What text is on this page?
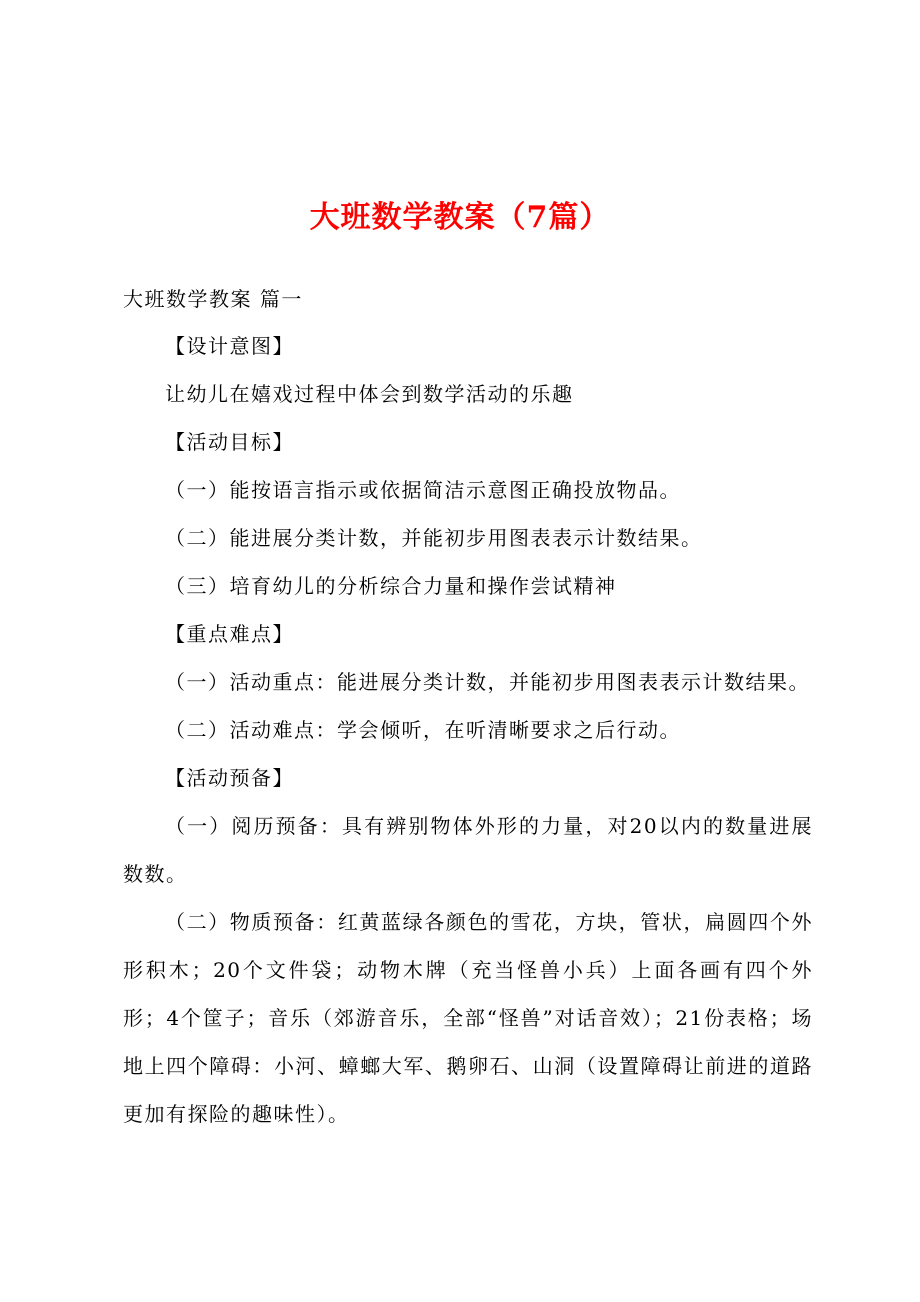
大班数学教案（7篇）
大班数学教案 篇一
【设计意图】
让幼儿在嬉戏过程中体会到数学活动的乐趣
【活动目标】
（一）能按语言指示或依据简洁示意图正确投放物品。
（二）能进展分类计数，并能初步用图表表示计数结果。
（三）培育幼儿的分析综合力量和操作尝试精神
【重点难点】
（一）活动重点：能进展分类计数，并能初步用图表表示计数结果。
（二）活动难点：学会倾听，在听清晰要求之后行动。
【活动预备】
（一）阅历预备：具有辨别物体外形的力量，对20以内的数量进展数数。
（二）物质预备：红黄蓝绿各颜色的雪花，方块，管状，扁圆四个外形积木；20个文件袋；动物木牌（充当怪兽小兵）上面各画有四个外形；4个筐子；音乐（郊游音乐，全部“怪兽”对话音效）；21份表格；场地上四个障碍：小河、蟑螂大军、鹅卵石、山洞（设置障碍让前进的道路更加有探险的趣味性）。
